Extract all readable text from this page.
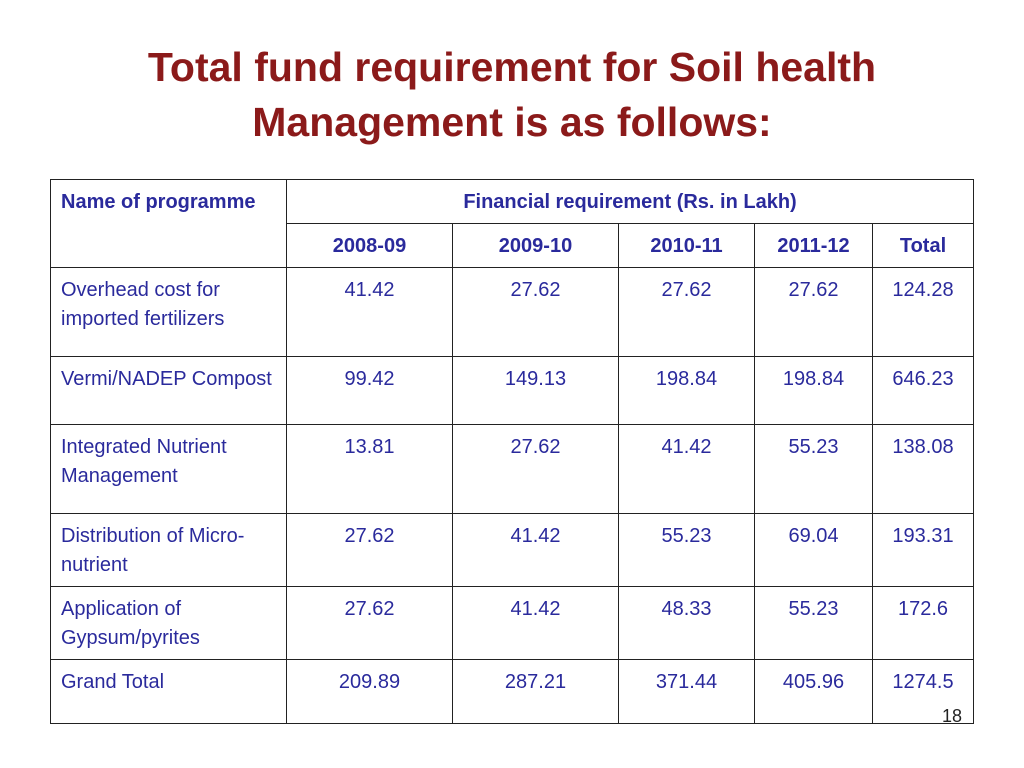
Total fund requirement for Soil health
Management is as follows:
Name of programme	Financial requirement (Rs. in Lakh)				
	2008-09	2009-10	2010-11	2011-12	Total
Overhead cost for imported fertilizers	41.42	27.62	27.62	27.62	124.28
Vermi/NADEP Compost	99.42	149.13	198.84	198.84	646.23
Integrated Nutrient Management	13.81	27.62	41.42	55.23	138.08
Distribution of Micro-nutrient	27.62	41.42	55.23	69.04	193.31
Application of Gypsum/pyrites	27.62	41.42	48.33	55.23	172.6
Grand Total	209.89	287.21	371.44	405.96	1274.5
18
